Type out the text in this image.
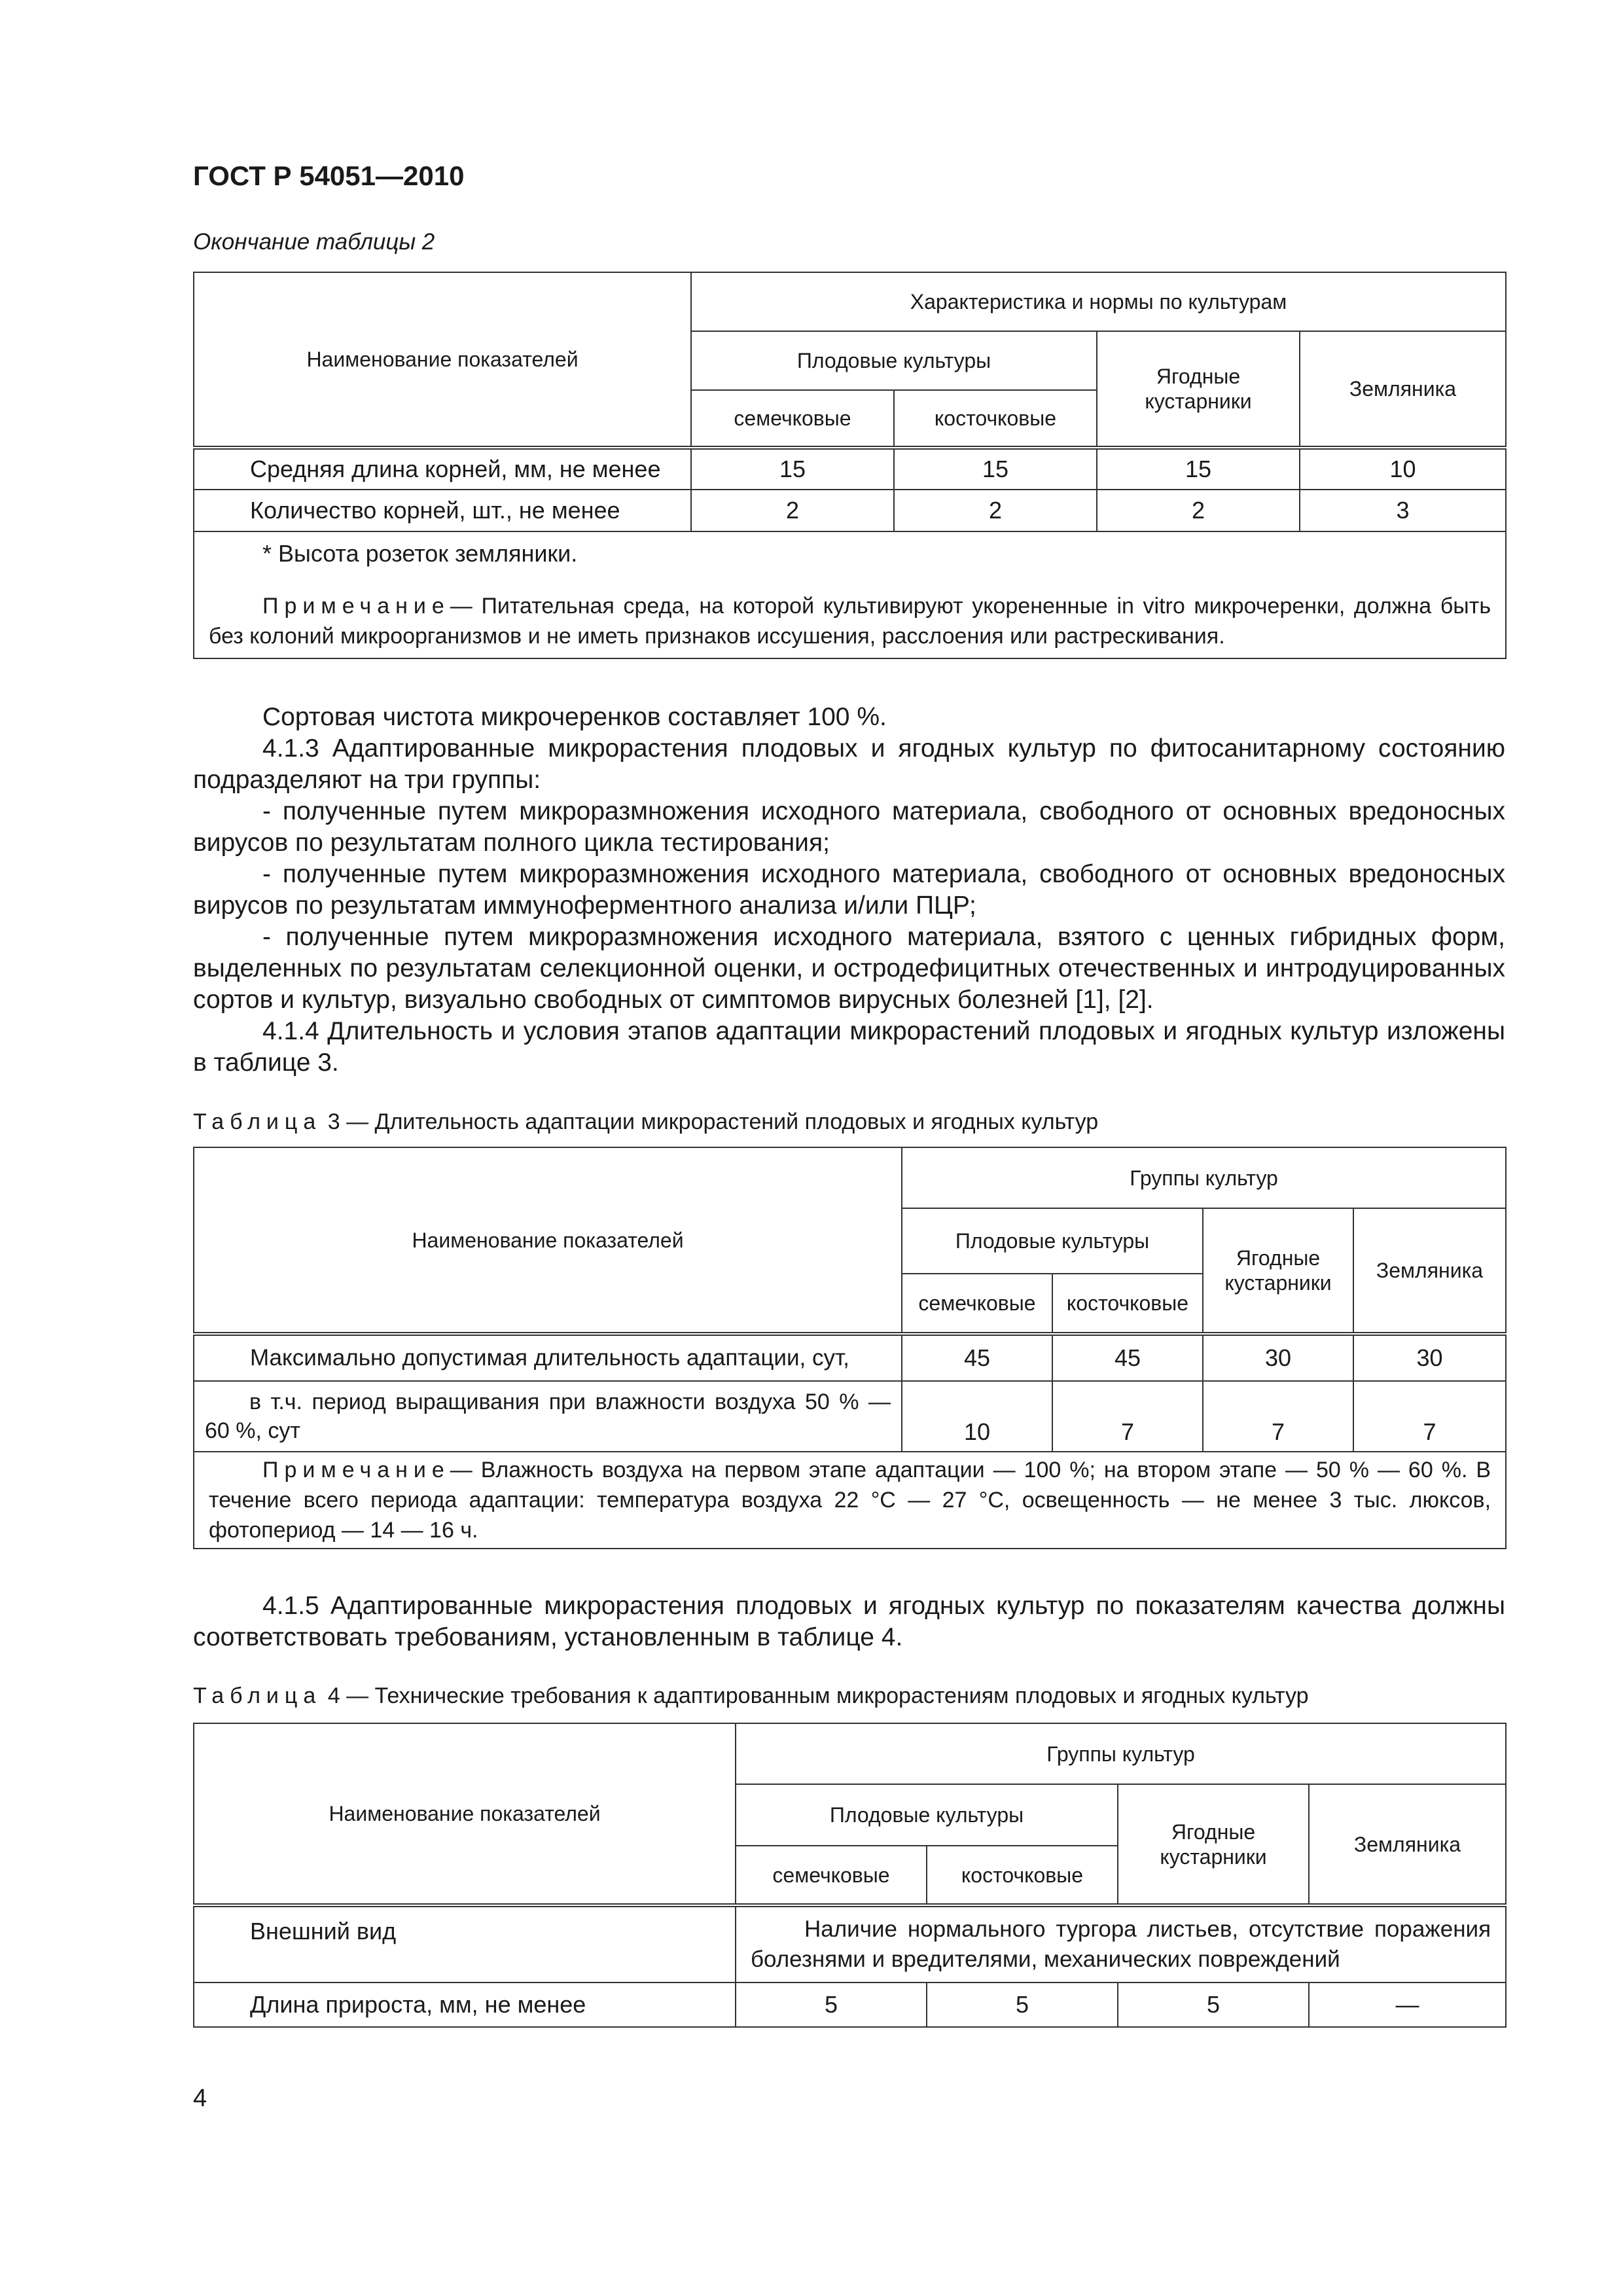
ГОСТ Р 54051—2010
Окончание таблицы 2
Наименование показателей	Характеристика и нормы по культурам			
	Плодовые культуры		Ягодные кустарники	Земляника
	семечковые	косточковые		
Средняя длина корней, мм, не менее	15	15	15	10
Количество корней, шт., не менее	2	2	2	3

* Высота розеток земляники.
Примечание— Питательная среда, на которой культивируют укорененные in vitro микрочеренки, должна быть без колоний микроорганизмов и не иметь признаков иссушения, расслоения или растрескивания.				

Сортовая чистота микрочеренков составляет 100 %.

4.1.3 Адаптированные микрорастения плодовых и ягодных культур по фитосанитарному состоянию подразделяют на три группы:

- полученные путем микроразмножения исходного материала, свободного от основных вредоносных вирусов по результатам полного цикла тестирования;

- полученные путем микроразмножения исходного материала, свободного от основных вредоносных вирусов по результатам иммуноферментного анализа и/или ПЦР;

- полученные путем микроразмножения исходного материала, взятого с ценных гибридных форм, выделенных по результатам селекционной оценки, и остродефицитных отечественных и интродуцированных сортов и культур, визуально свободных от симптомов вирусных болезней [1], [2].

4.1.4 Длительность и условия этапов адаптации микрорастений плодовых и ягодных культур изложены в таблице 3.

Таблица 3 — Длительность адаптации микрорастений плодовых и ягодных культур
Наименование показателей	Группы культур			
	Плодовые культуры		Ягодные кустарники	Земляника
	семечковые	косточковые		
Максимально допустимая длительность адаптации, сут,	45	45	30	30
в т.ч. период выращивания при влажности воздуха 50 % — 60 %, сут	10	7	7	7
Примечание— Влажность воздуха на первом этапе адаптации — 100 %; на втором этапе — 50 % — 60 %. В течение всего периода адаптации: температура воздуха 22 °С — 27 °С, освещенность — не менее 3 тыс. люксов, фотопериод — 14 — 16 ч.				

4.1.5 Адаптированные микрорастения плодовых и ягодных культур по показателям качества должны соответствовать требованиям, установленным в таблице 4.

Таблица 4 — Технические требования к адаптированным микрорастениям плодовых и ягодных культур
Наименование показателей	Группы культур			
	Плодовые культуры		Ягодные кустарники	Земляника
	семечковые	косточковые		
Внешний вид	Наличие нормального тургора листьев, отсутствие поражения болезнями и вредителями, механических повреждений			
Длина прироста, мм, не менее	5	5	5	—
4
